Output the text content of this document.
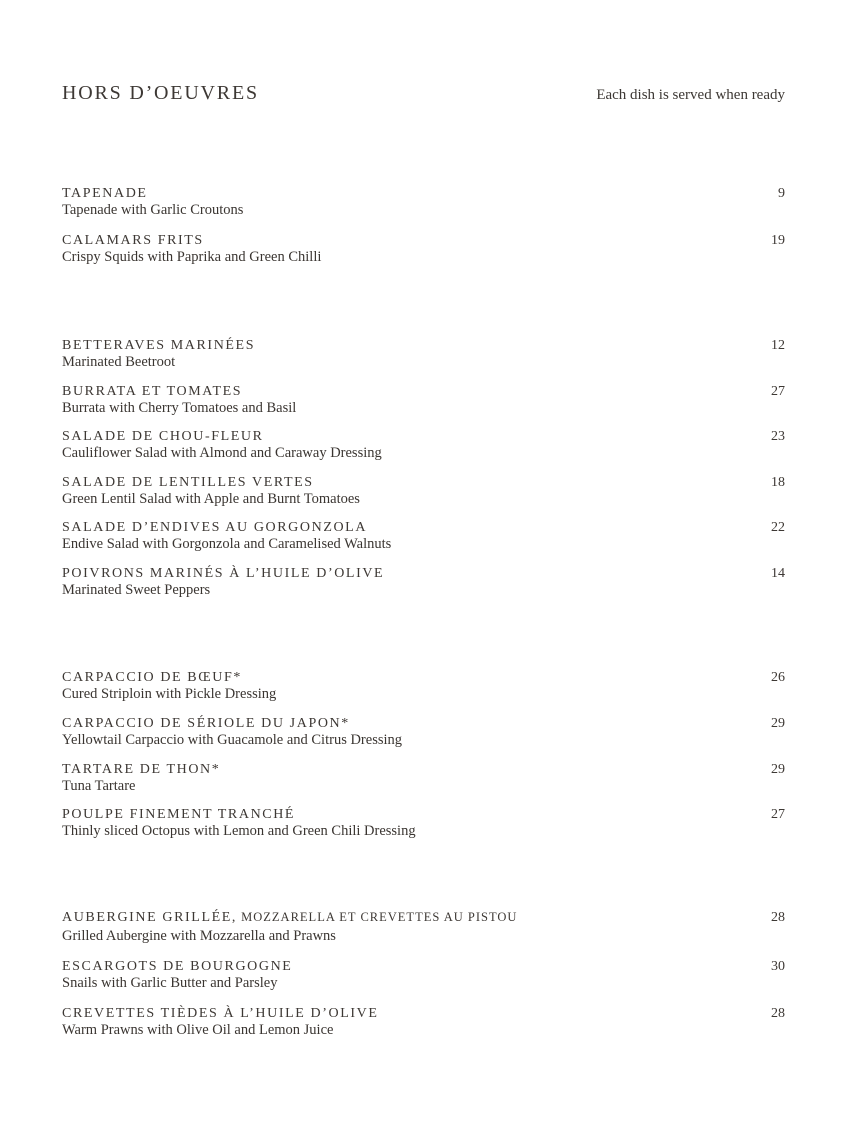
HORS D’OEUVRES	Each dish is served when ready
TAPENADE
Tapenade with Garlic Croutons
9
CALAMARS FRITS
Crispy Squids with Paprika and Green Chilli
19
BETTERAVES MARINÉES
Marinated Beetroot
12
BURRATA ET TOMATES
Burrata with Cherry Tomatoes and Basil
27
SALADE DE CHOU-FLEUR
Cauliflower Salad with Almond and Caraway Dressing
23
SALADE DE LENTILLES VERTES
Green Lentil Salad with Apple and Burnt Tomatoes
18
SALADE D’ENDIVES AU GORGONZOLA
Endive Salad with Gorgonzola and Caramelised Walnuts
22
POIVRONS MARINÉS À L’HUILE D’OLIVE
Marinated Sweet Peppers
14
CARPACCIO DE BŒUF*
Cured Striploin with Pickle Dressing
26
CARPACCIO DE SÉRIOLE DU JAPON*
Yellowtail Carpaccio with Guacamole and Citrus Dressing
29
TARTARE DE THON*
Tuna Tartare
29
POULPE FINEMENT TRANCHÉ
Thinly sliced Octopus with Lemon and Green Chili Dressing
27
AUBERGINE GRILLÉE, MOZZARELLA ET CREVETTES AU PISTOU
Grilled Aubergine with Mozzarella and Prawns
28
ESCARGOTS DE BOURGOGNE
Snails with Garlic Butter and Parsley
30
CREVETTES TIÈDES À L’HUILE D’OLIVE
Warm Prawns with Olive Oil and Lemon Juice
28
